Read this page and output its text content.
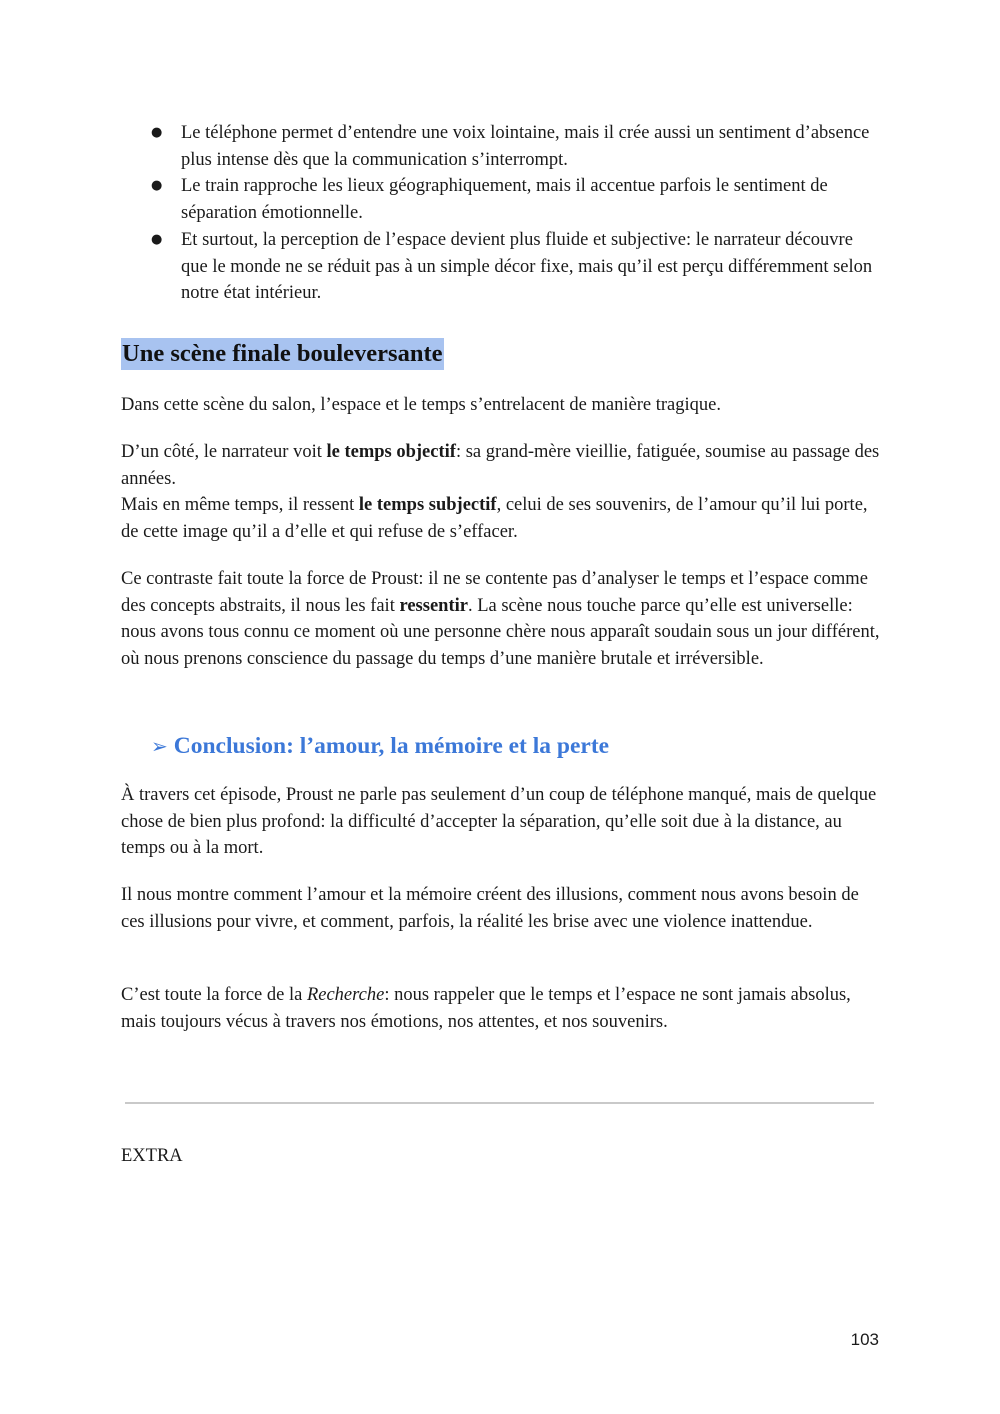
● Le téléphone permet d’entendre une voix lointaine, mais il crée aussi un sentiment d’absence plus intense dès que la communication s’interrompt.
● Le train rapproche les lieux géographiquement, mais il accentue parfois le sentiment de séparation émotionnelle.
● Et surtout, la perception de l’espace devient plus fluide et subjective: le narrateur découvre que le monde ne se réduit pas à un simple décor fixe, mais qu’il est perçu différemment selon notre état intérieur.
Une scène finale bouleversante

Dans cette scène du salon, l’espace et le temps s’entrelacent de manière tragique.

D’un côté, le narrateur voit le temps objectif: sa grand-mère vieillie, fatiguée, soumise au passage des années.
Mais en même temps, il ressent le temps subjectif, celui de ses souvenirs, de l’amour qu’il lui porte, de cette image qu’il a d’elle et qui refuse de s’effacer.

Ce contraste fait toute la force de Proust: il ne se contente pas d’analyser le temps et l’espace comme des concepts abstraits, il nous les fait ressentir. La scène nous touche parce qu’elle est universelle: nous avons tous connu ce moment où une personne chère nous apparaît soudain sous un jour différent, où nous prenons conscience du passage du temps d’une manière brutale et irréversible.

➢ Conclusion: l’amour, la mémoire et la perte

À travers cet épisode, Proust ne parle pas seulement d’un coup de téléphone manqué, mais de quelque chose de bien plus profond: la difficulté d’accepter la séparation, qu’elle soit due à la distance, au temps ou à la mort.

Il nous montre comment l’amour et la mémoire créent des illusions, comment nous avons besoin de ces illusions pour vivre, et comment, parfois, la réalité les brise avec une violence inattendue.

C’est toute la force de la Recherche: nous rappeler que le temps et l’espace ne sont jamais absolus, mais toujours vécus à travers nos émotions, nos attentes, et nos souvenirs.

EXTRA

103
